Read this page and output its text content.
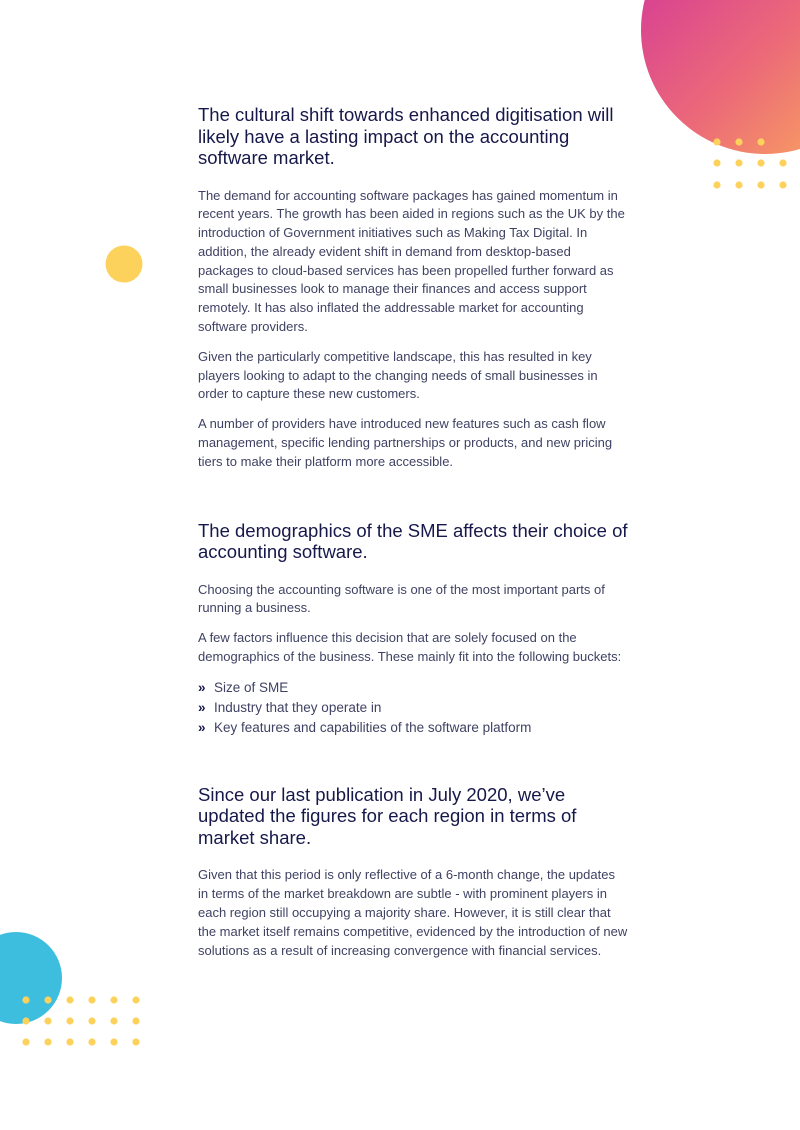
The cultural shift towards enhanced digitisation will likely have a lasting impact on the accounting software market.

The demand for accounting software packages has gained momentum in recent years. The growth has been aided in regions such as the UK by the introduction of Government initiatives such as Making Tax Digital. In addition, the already evident shift in demand from desktop-based packages to cloud-based services has been propelled further forward as small businesses look to manage their finances and access support remotely. It has also inflated the addressable market for accounting software providers.

Given the particularly competitive landscape, this has resulted in key players looking to adapt to the changing needs of small businesses in order to capture these new customers.

A number of providers have introduced new features such as cash flow management, specific lending partnerships or products, and new pricing tiers to make their platform more accessible.

The demographics of the SME affects their choice of accounting software.

Choosing the accounting software is one of the most important parts of running a business.

A few factors influence this decision that are solely focused on the demographics of the business. These mainly fit into the following buckets:

» Size of SME
» Industry that they operate in
» Key features and capabilities of the software platform
Since our last publication in July 2020, we’ve updated the figures for each region in terms of market share.

Given that this period is only reflective of a 6-month change, the updates in terms of the market breakdown are subtle - with prominent players in each region still occupying a majority share. However, it is still clear that the market itself remains competitive, evidenced by the introduction of new solutions as a result of increasing convergence with financial services.
